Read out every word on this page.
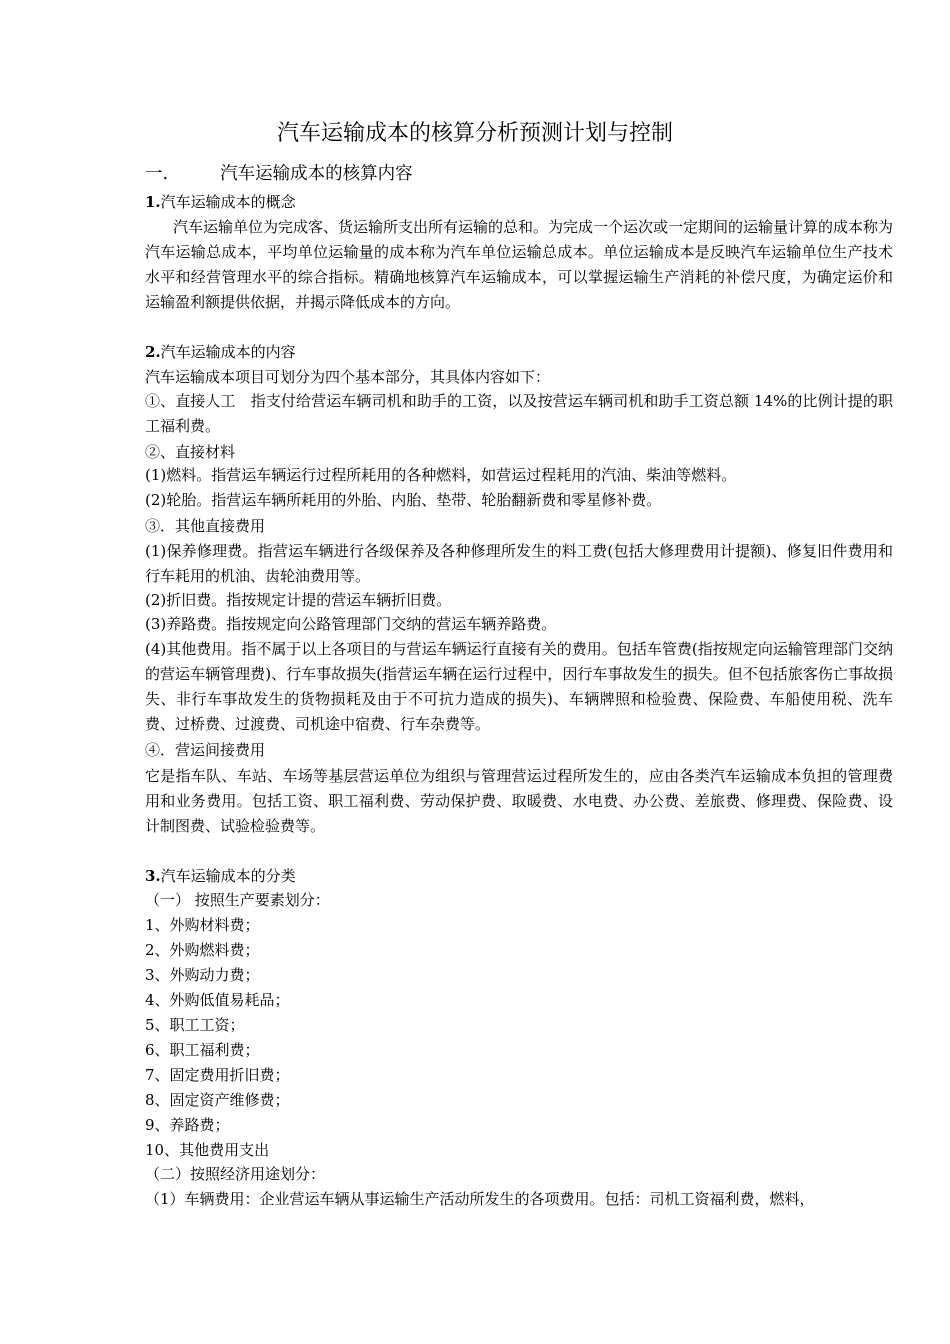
汽车运输成本的核算分析预测计划与控制
一.	汽车运输成本的核算内容
1.汽车运输成本的概念
汽车运输单位为完成客、货运输所支出所有运输的总和。为完成一个运次或一定期间的运输量计算的成本称为汽车运输总成本，平均单位运输量的成本称为汽车单位运输总成本。单位运输成本是反映汽车运输单位生产技术水平和经营管理水平的综合指标。精确地核算汽车运输成本，可以掌握运输生产消耗的补偿尺度，为确定运价和运输盈利额提供依据，并揭示降低成本的方向。
2.汽车运输成本的内容
汽车运输成本项目可划分为四个基本部分，其具体内容如下：
①、直接人工　指支付给营运车辆司机和助手的工资，以及按营运车辆司机和助手工资总额 14%的比例计提的职工福利费。
②、直接材料
(1)燃料。指营运车辆运行过程所耗用的各种燃料，如营运过程耗用的汽油、柴油等燃料。
(2)轮胎。指营运车辆所耗用的外胎、内胎、垫带、轮胎翻新费和零星修补费。
③．其他直接费用
(1)保养修理费。指营运车辆进行各级保养及各种修理所发生的料工费(包括大修理费用计提额)、修复旧件费用和行车耗用的机油、齿轮油费用等。
(2)折旧费。指按规定计提的营运车辆折旧费。
(3)养路费。指按规定向公路管理部门交纳的营运车辆养路费。
(4)其他费用。指不属于以上各项目的与营运车辆运行直接有关的费用。包括车管费(指按规定向运输管理部门交纳的营运车辆管理费)、行车事故损失(指营运车辆在运行过程中，因行车事故发生的损失。但不包括旅客伤亡事故损失、非行车事故发生的货物损耗及由于不可抗力造成的损失)、车辆牌照和检验费、保险费、车船使用税、洗车费、过桥费、过渡费、司机途中宿费、行车杂费等。
④．营运间接费用
它是指车队、车站、车场等基层营运单位为组织与管理营运过程所发生的，应由各类汽车运输成本负担的管理费用和业务费用。包括工资、职工福利费、劳动保护费、取暖费、水电费、办公费、差旅费、修理费、保险费、设计制图费、试验检验费等。
3.汽车运输成本的分类
（一） 按照生产要素划分：
1、外购材料费；
2、外购燃料费；
3、外购动力费；
4、外购低值易耗品；
5、职工工资；
6、职工福利费；
7、固定费用折旧费；
8、固定资产维修费；
9、养路费；
10、其他费用支出
（二）按照经济用途划分：
（1）车辆费用：企业营运车辆从事运输生产活动所发生的各项费用。包括：司机工资福利费，燃料，
